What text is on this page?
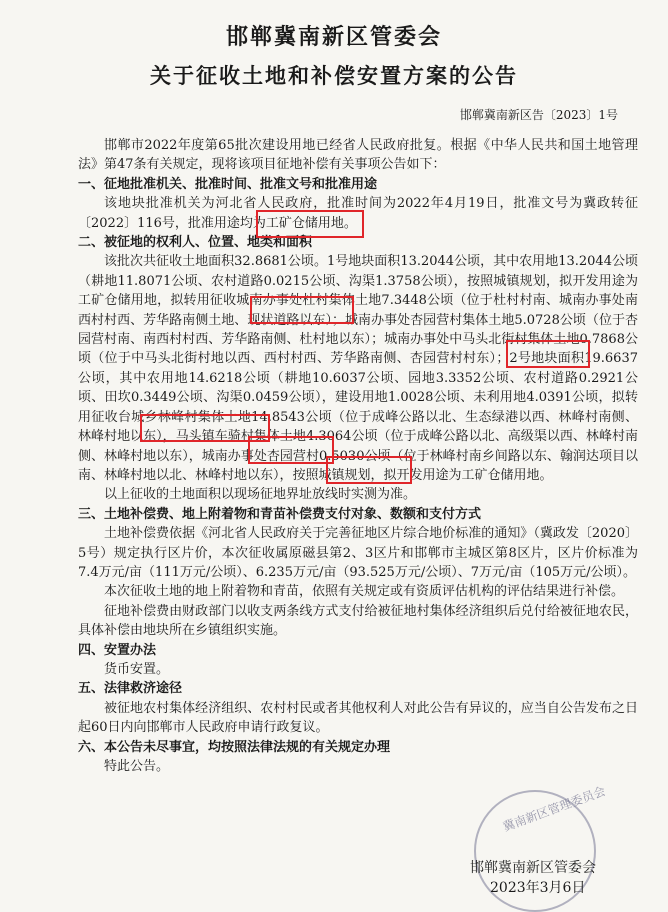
邯郸冀南新区管委会
关于征收土地和补偿安置方案的公告
邯郸冀南新区告〔2023〕1号

邯郸市2022年度第65批次建设用地已经省人民政府批复。根据《中华人民共和国土地管理法》第47条有关规定，现将该项目征地补偿有关事项公告如下：

一、征地批准机关、批准时间、批准文号和批准用途

该地块批准机关为河北省人民政府，批准时间为2022年4月19日，批准文号为冀政转征〔2022〕116号，批准用途均为工矿仓储用地。

二、被征地的权利人、位置、地类和面积

该批次共征收土地面积32.8681公顷。1号地块面积13.2044公顷，其中农用地13.2044公顷（耕地11.8071公顷、农村道路0.0215公顷、沟渠1.3758公顷），按照城镇规划，拟开发用途为工矿仓储用地，拟转用征收城南办事处杜村集体土地7.3448公顷（位于杜村村南、城南办事处南西村村西、芳华路南侧土地、现状道路以东）；城南办事处杏园营村集体土地5.0728公顷（位于杏园营村南、南西村村西、芳华路南侧、杜村地以东）；城南办事处中马头北街村集体土地0.7868公顷（位于中马头北街村地以西、西村村西、芳华路南侧、杏园营村村东）；2号地块面积19.6637公顷，其中农用地14.6218公顷（耕地10.6037公顷、园地3.3352公顷、农村道路0.2921公顷、田坎0.3449公顷、沟渠0.0459公顷），建设用地1.0028公顷、未利用地4.0391公顷，拟转用征收台城乡林峰村集体土地14.8543公顷（位于成峰公路以北、生态绿港以西、林峰村南侧、林峰村地以东），马头镇车骑村集体土地4.3064公顷（位于成峰公路以北、高级渠以西、林峰村南侧、林峰村地以东），城南办事处杏园营村0.5030公顷（位于林峰村南乡间路以东、翰润达项目以南、林峰村地以北、林峰村地以东），按照城镇规划，拟开发用途为工矿仓储用地。

以上征收的土地面积以现场征地界址放线时实测为准。

三、土地补偿费、地上附着物和青苗补偿费支付对象、数额和支付方式

土地补偿费依据《河北省人民政府关于完善征地区片综合地价标准的通知》（冀政发〔2020〕5号）规定执行区片价，本次征收属原磁县第2、3区片和邯郸市主城区第8区片，区片价标准为7.4万元/亩（111万元/公顷）、6.235万元/亩（93.525万元/公顷）、7万元/亩（105万元/公顷）。

本次征收土地的地上附着物和青苗，依照有关规定或有资质评估机构的评估结果进行补偿。

征地补偿费由财政部门以收支两条线方式支付给被征地村集体经济组织后兑付给被征地农民，具体补偿由地块所在乡镇组织实施。

四、安置办法

货币安置。

五、法律救济途径

被征地农村集体经济组织、农村村民或者其他权利人对此公告有异议的，应当自公告发布之日起60日内向邯郸市人民政府申请行政复议。

六、本公告未尽事宜，均按照法律法规的有关规定办理

特此公告。

冀南新区管理委员会
邯郸冀南新区管委会
2023年3月6日
